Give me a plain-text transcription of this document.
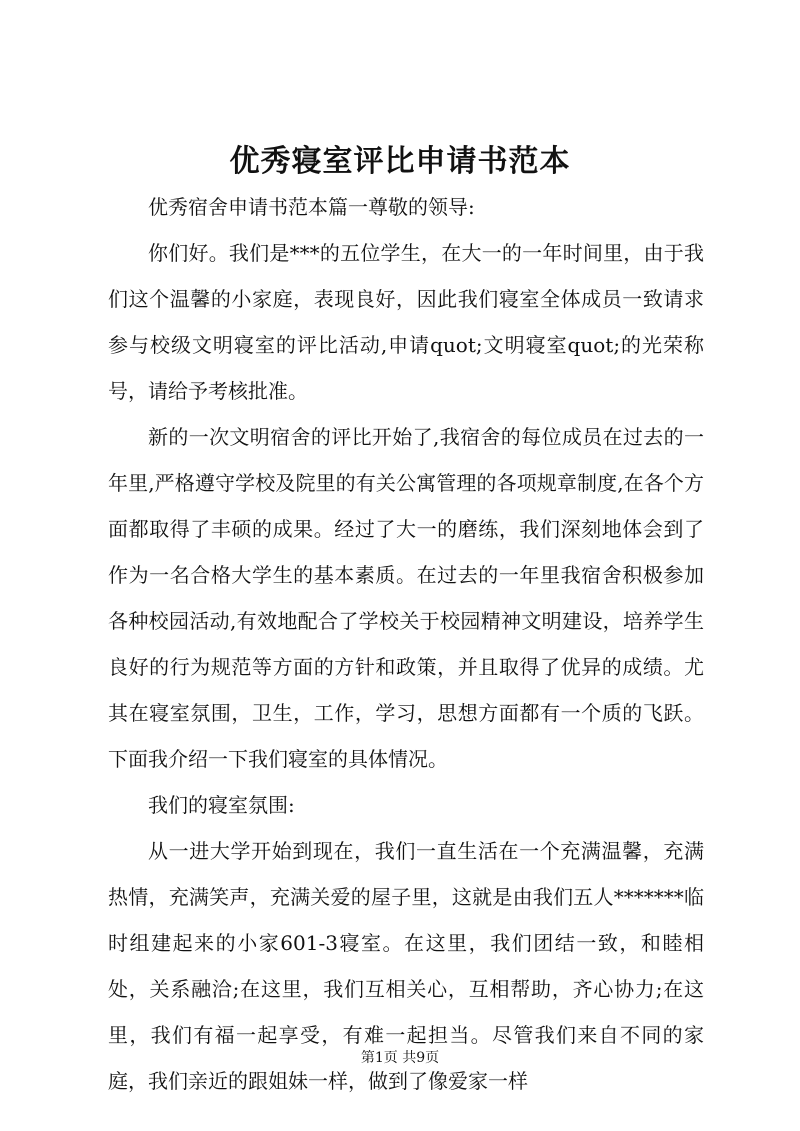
优秀寝室评比申请书范本

优秀宿舍申请书范本篇一尊敬的领导:

你们好。我们是***的五位学生，在大一的一年时间里，由于我们这个温馨的小家庭，表现良好，因此我们寝室全体成员一致请求参与校级文明寝室的评比活动,申请quot;文明寝室quot;的光荣称号，请给予考核批准。

新的一次文明宿舍的评比开始了,我宿舍的每位成员在过去的一年里,严格遵守学校及院里的有关公寓管理的各项规章制度,在各个方面都取得了丰硕的成果。经过了大一的磨练，我们深刻地体会到了作为一名合格大学生的基本素质。在过去的一年里我宿舍积极参加各种校园活动,有效地配合了学校关于校园精神文明建设，培养学生良好的行为规范等方面的方针和政策，并且取得了优异的成绩。尤其在寝室氛围，卫生，工作，学习，思想方面都有一个质的飞跃。下面我介绍一下我们寝室的具体情况。

我们的寝室氛围:

从一进大学开始到现在，我们一直生活在一个充满温馨，充满热情，充满笑声，充满关爱的屋子里，这就是由我们五人*******临时组建起来的小家601-3寝室。在这里，我们团结一致，和睦相处，关系融洽;在这里，我们互相关心，互相帮助，齐心协力;在这里，我们有福一起享受，有难一起担当。尽管我们来自不同的家庭，我们亲近的跟姐妹一样，做到了像爱家一样

第1页 共9页
